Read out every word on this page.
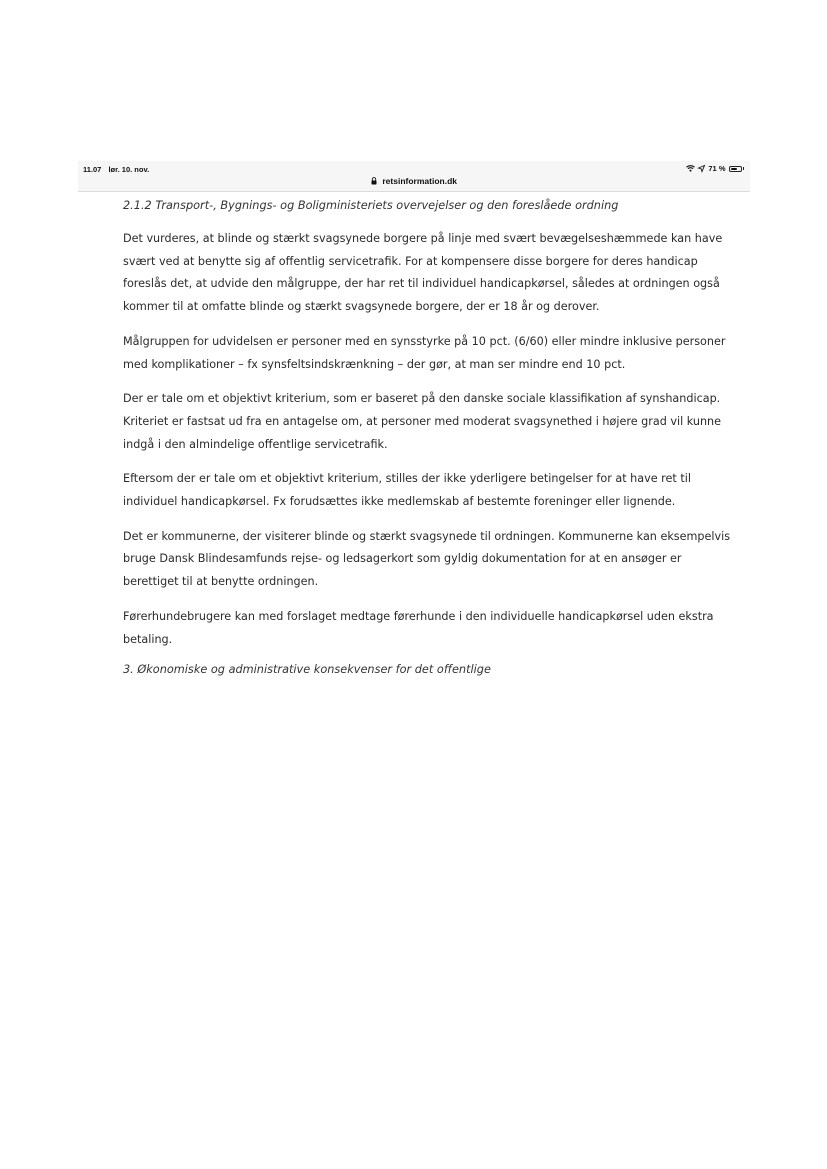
11.07 lør. 10. nov.	71 %
retsinformation.dk
2.1.2 Transport-, Bygnings- og Boligministeriets overvejelser og den foreslåede ordning

Det vurderes, at blinde og stærkt svagsynede borgere på linje med svært bevægelseshæmmede kan have
svært ved at benytte sig af offentlig servicetrafik. For at kompensere disse borgere for deres handicap
foreslås det, at udvide den målgruppe, der har ret til individuel handicapkørsel, således at ordningen også
kommer til at omfatte blinde og stærkt svagsynede borgere, der er 18 år og derover.

Målgruppen for udvidelsen er personer med en synsstyrke på 10 pct. (6/60) eller mindre inklusive personer
med komplikationer – fx synsfeltsindskrænkning – der gør, at man ser mindre end 10 pct.

Der er tale om et objektivt kriterium, som er baseret på den danske sociale klassifikation af synshandicap.
Kriteriet er fastsat ud fra en antagelse om, at personer med moderat svagsynethed i højere grad vil kunne
indgå i den almindelige offentlige servicetrafik.

Eftersom der er tale om et objektivt kriterium, stilles der ikke yderligere betingelser for at have ret til
individuel handicapkørsel. Fx forudsættes ikke medlemskab af bestemte foreninger eller lignende.

Det er kommunerne, der visiterer blinde og stærkt svagsynede til ordningen. Kommunerne kan eksempelvis
bruge Dansk Blindesamfunds rejse- og ledsagerkort som gyldig dokumentation for at en ansøger er
berettiget til at benytte ordningen.

Førerhundebrugere kan med forslaget medtage førerhunde i den individuelle handicapkørsel uden ekstra
betaling.

3. Økonomiske og administrative konsekvenser for det offentlige
